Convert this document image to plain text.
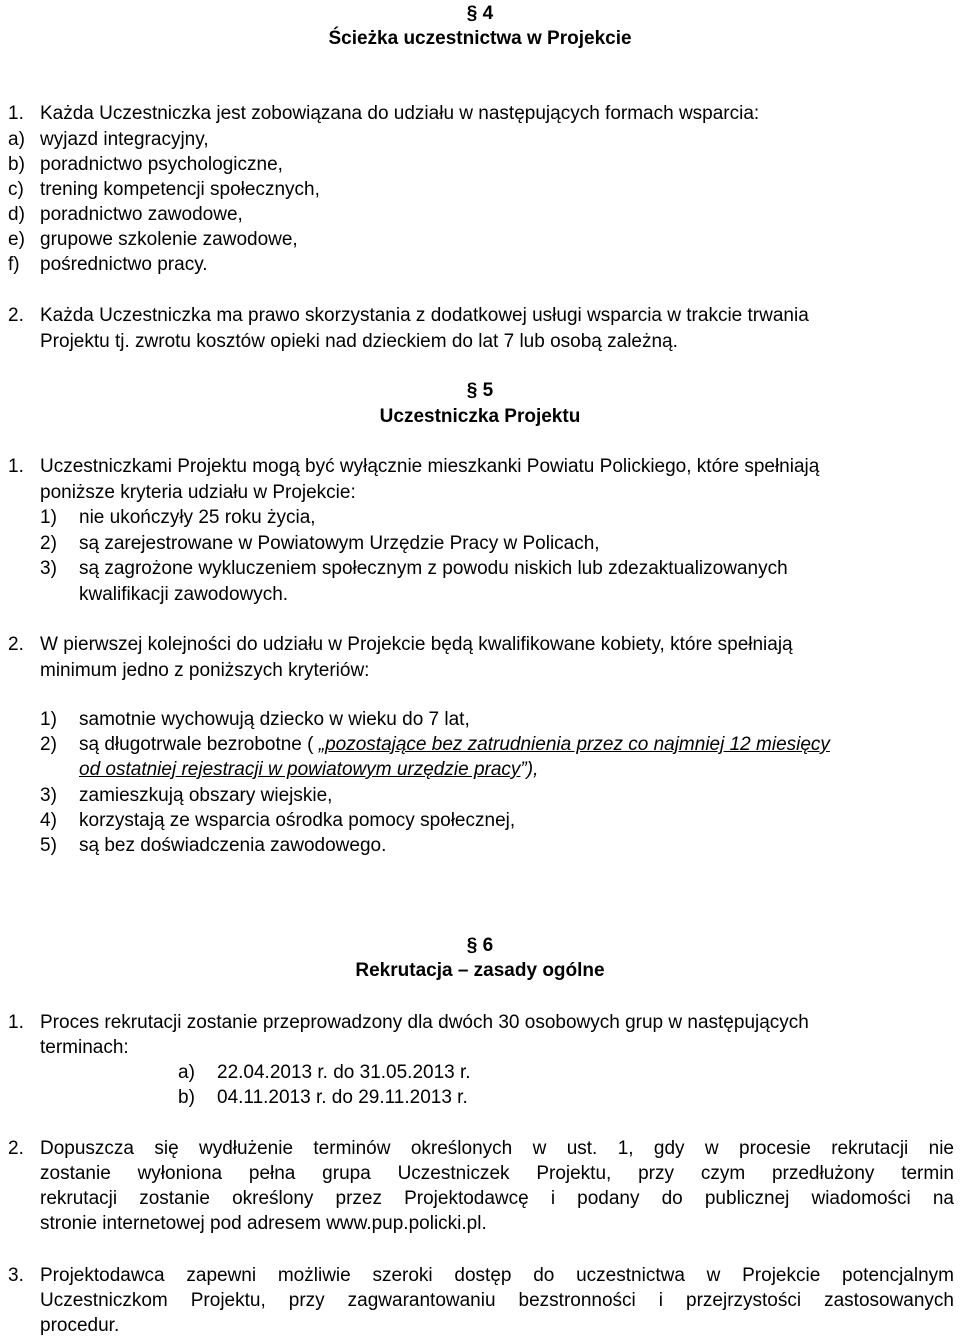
§ 4
Ścieżka uczestnictwa w Projekcie
1. Każda Uczestniczka jest zobowiązana do udziału w następujących formach wsparcia:
a) wyjazd integracyjny,
b) poradnictwo psychologiczne,
c) trening kompetencji społecznych,
d) poradnictwo zawodowe,
e) grupowe szkolenie zawodowe,
f) pośrednictwo pracy.
2. Każda Uczestniczka ma prawo skorzystania z dodatkowej usługi wsparcia w trakcie trwania
Projektu tj. zwrotu kosztów opieki nad dzieckiem do lat 7 lub osobą zależną.
§ 5
Uczestniczka Projektu
1. Uczestniczkami Projektu mogą być wyłącznie mieszkanki Powiatu Polickiego, które spełniają
poniższe kryteria udziału w Projekcie:
1) nie ukończyły 25 roku życia,
2) są zarejestrowane w Powiatowym Urzędzie Pracy w Policach,
3) są zagrożone wykluczeniem społecznym z powodu niskich lub zdezaktualizowanych
kwalifikacji zawodowych.
2. W pierwszej kolejności do udziału w Projekcie będą kwalifikowane kobiety, które spełniają
minimum jedno z poniższych kryteriów:
1) samotnie wychowują dziecko w wieku do 7 lat,
2) są długotrwale bezrobotne ( „pozostające bez zatrudnienia przez co najmniej 12 miesięcy
od ostatniej rejestracji w powiatowym urzędzie pracy”),
3) zamieszkują obszary wiejskie,
4) korzystają ze wsparcia ośrodka pomocy społecznej,
5) są bez doświadczenia zawodowego.
§ 6
Rekrutacja – zasady ogólne
1. Proces rekrutacji zostanie przeprowadzony dla dwóch 30 osobowych grup w następujących
terminach:
a) 22.04.2013 r. do 31.05.2013 r.
b) 04.11.2013 r. do 29.11.2013 r.
2. Dopuszcza się wydłużenie terminów określonych w ust. 1, gdy w procesie rekrutacji nie
zostanie wyłoniona pełna grupa Uczestniczek Projektu, przy czym przedłużony termin
rekrutacji zostanie określony przez Projektodawcę i podany do publicznej wiadomości na
stronie internetowej pod adresem www.pup.policki.pl.
3. Projektodawca zapewni możliwie szeroki dostęp do uczestnictwa w Projekcie potencjalnym
Uczestniczkom Projektu, przy zagwarantowaniu bezstronności i przejrzystości zastosowanych
procedur.
